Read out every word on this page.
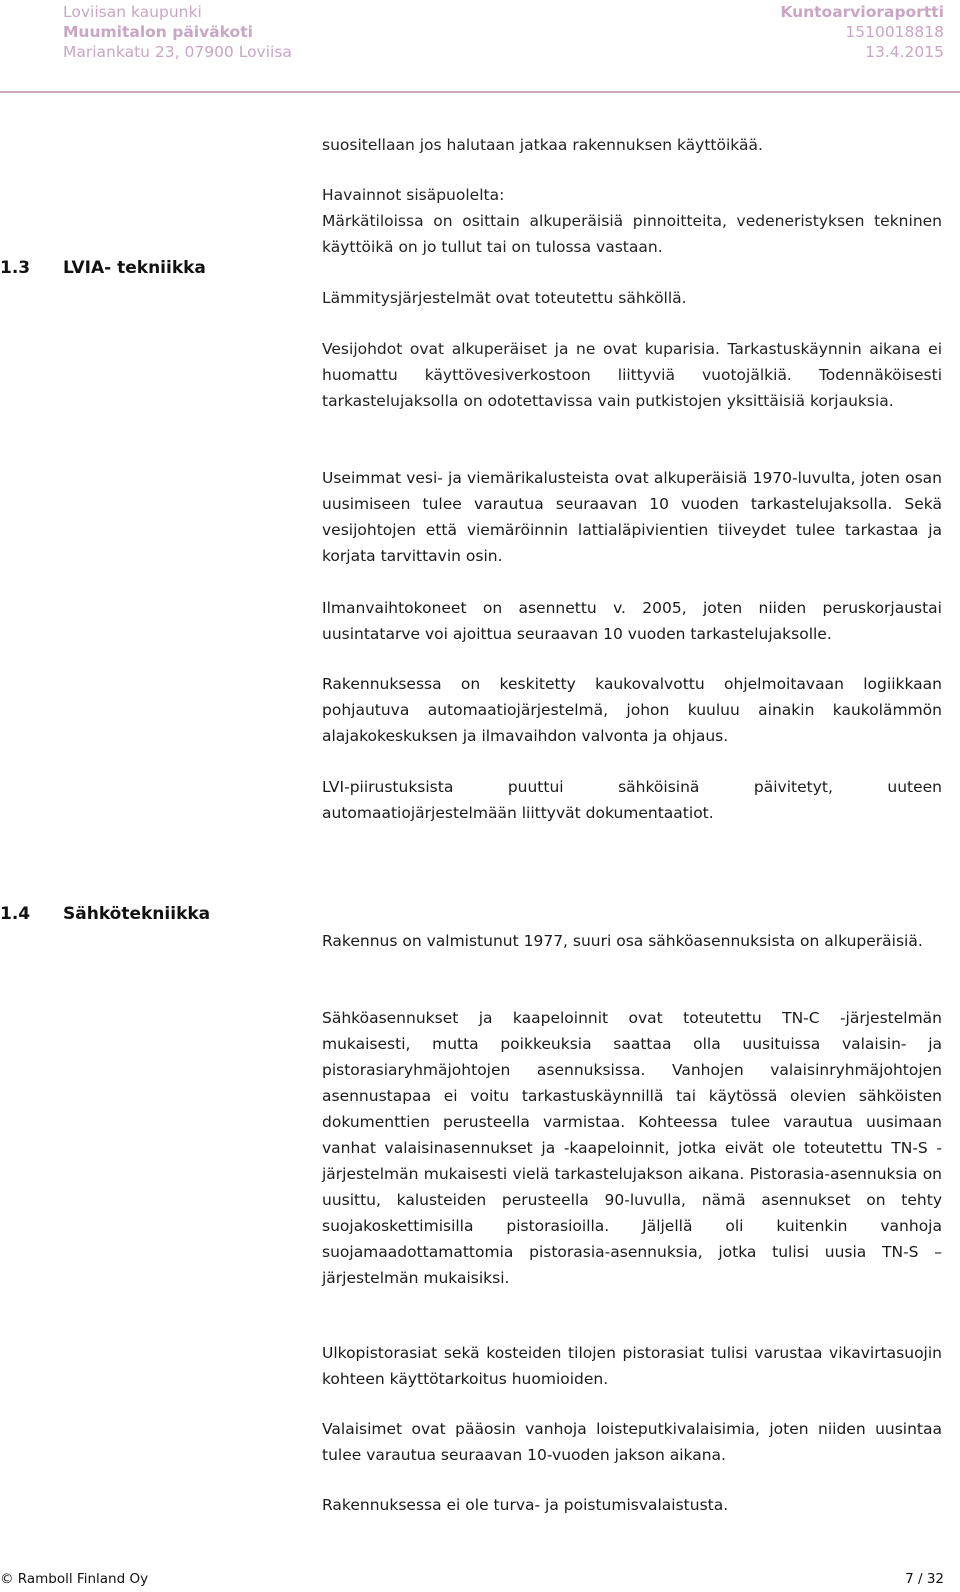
Loviisan kaupunki
Muumitalon päiväkoti
Mariankatu 23, 07900 Loviisa
Kuntoarvioraportti
1510018818
13.4.2015
1.3 LVIA- tekniikka

suositellaan jos halutaan jatkaa rakennuksen käyttöikää.

Havainnot sisäpuolelta:

Märkätiloissa on osittain alkuperäisiä pinnoitteita, vedeneristyksen tekninen käyttöikä on jo tullut tai on tulossa vastaan.

Lämmitysjärjestelmät ovat toteutettu sähköllä.

Vesijohdot ovat alkuperäiset ja ne ovat kuparisia. Tarkastuskäynnin aikana ei huomattu käyttövesiverkostoon liittyviä vuotojälkiä. Todennäköisesti tarkastelujaksolla on odotettavissa vain putkistojen yksittäisiä korjauksia.

Useimmat vesi- ja viemärikalusteista ovat alkuperäisiä 1970-luvulta, joten osan uusimiseen tulee varautua seuraavan 10 vuoden tarkastelujaksolla. Sekä vesijohtojen että viemäröinnin lattialäpivientien tiiveydet tulee tarkastaa ja korjata tarvittavin osin.

Ilmanvaihtokoneet on asennettu v. 2005, joten niiden peruskorjaustai uusintatarve voi ajoittua seuraavan 10 vuoden tarkastelujaksolle.

Rakennuksessa on keskitetty kaukovalvottu ohjelmoitavaan logiikkaan pohjautuva automaatiojärjestelmä, johon kuuluu ainakin kaukolämmön alajakokeskuksen ja ilmavaihdon valvonta ja ohjaus.

LVI-piirustuksista puuttui sähköisinä päivitetyt, uuteen automaatiojärjestelmään liittyvät dokumentaatiot.

1.4 Sähkötekniikka

Rakennus on valmistunut 1977, suuri osa sähköasennuksista on alkuperäisiä.

Sähköasennukset ja kaapeloinnit ovat toteutettu TN-C -järjestelmän mukaisesti, mutta poikkeuksia saattaa olla uusituissa valaisin- ja pistorasiaryhmäjohtojen asennuksissa. Vanhojen valaisinryhmäjohtojen asennustapaa ei voitu tarkastuskäynnillä tai käytössä olevien sähköisten dokumenttien perusteella varmistaa. Kohteessa tulee varautua uusimaan vanhat valaisinasennukset ja -kaapeloinnit, jotka eivät ole toteutettu TN-S -järjestelmän mukaisesti vielä tarkastelujakson aikana. Pistorasia-asennuksia on uusittu, kalusteiden perusteella 90-luvulla, nämä asennukset on tehty suojakoskettimisilla pistorasioilla. Jäljellä oli kuitenkin vanhoja suojamaadottamattomia pistorasia-asennuksia, jotka tulisi uusia TN-S –järjestelmän mukaisiksi.

Ulkopistorasiat sekä kosteiden tilojen pistorasiat tulisi varustaa vikavirtasuojin kohteen käyttötarkoitus huomioiden.

Valaisimet ovat pääosin vanhoja loisteputkivalaisimia, joten niiden uusintaa tulee varautua seuraavan 10-vuoden jakson aikana.

Rakennuksessa ei ole turva- ja poistumisvalaistusta.

© Ramboll Finland Oy	7 / 32
